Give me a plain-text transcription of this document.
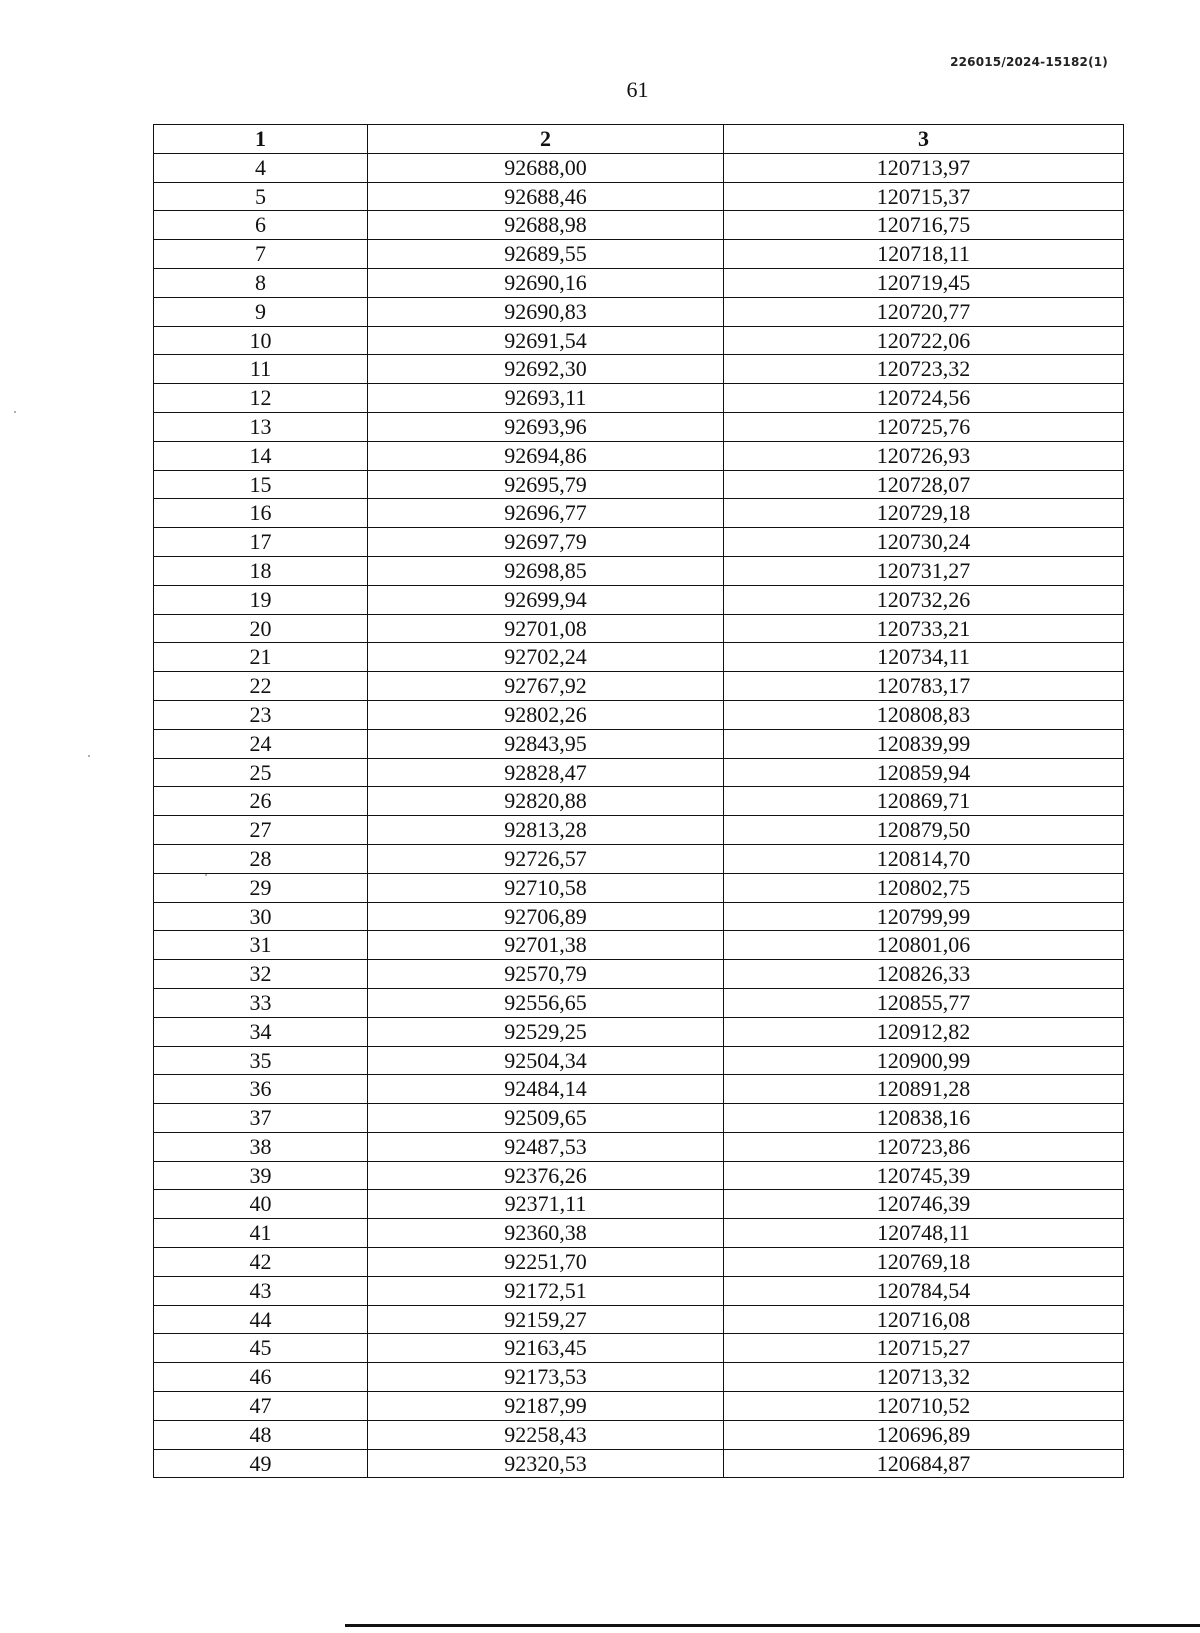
226015/2024-15182(1)
61
1	2	3
4	92688,00	120713,97
5	92688,46	120715,37
6	92688,98	120716,75
7	92689,55	120718,11
8	92690,16	120719,45
9	92690,83	120720,77
10	92691,54	120722,06
11	92692,30	120723,32
12	92693,11	120724,56
13	92693,96	120725,76
14	92694,86	120726,93
15	92695,79	120728,07
16	92696,77	120729,18
17	92697,79	120730,24
18	92698,85	120731,27
19	92699,94	120732,26
20	92701,08	120733,21
21	92702,24	120734,11
22	92767,92	120783,17
23	92802,26	120808,83
24	92843,95	120839,99
25	92828,47	120859,94
26	92820,88	120869,71
27	92813,28	120879,50
28	92726,57	120814,70
29	92710,58	120802,75
30	92706,89	120799,99
31	92701,38	120801,06
32	92570,79	120826,33
33	92556,65	120855,77
34	92529,25	120912,82
35	92504,34	120900,99
36	92484,14	120891,28
37	92509,65	120838,16
38	92487,53	120723,86
39	92376,26	120745,39
40	92371,11	120746,39
41	92360,38	120748,11
42	92251,70	120769,18
43	92172,51	120784,54
44	92159,27	120716,08
45	92163,45	120715,27
46	92173,53	120713,32
47	92187,99	120710,52
48	92258,43	120696,89
49	92320,53	120684,87
